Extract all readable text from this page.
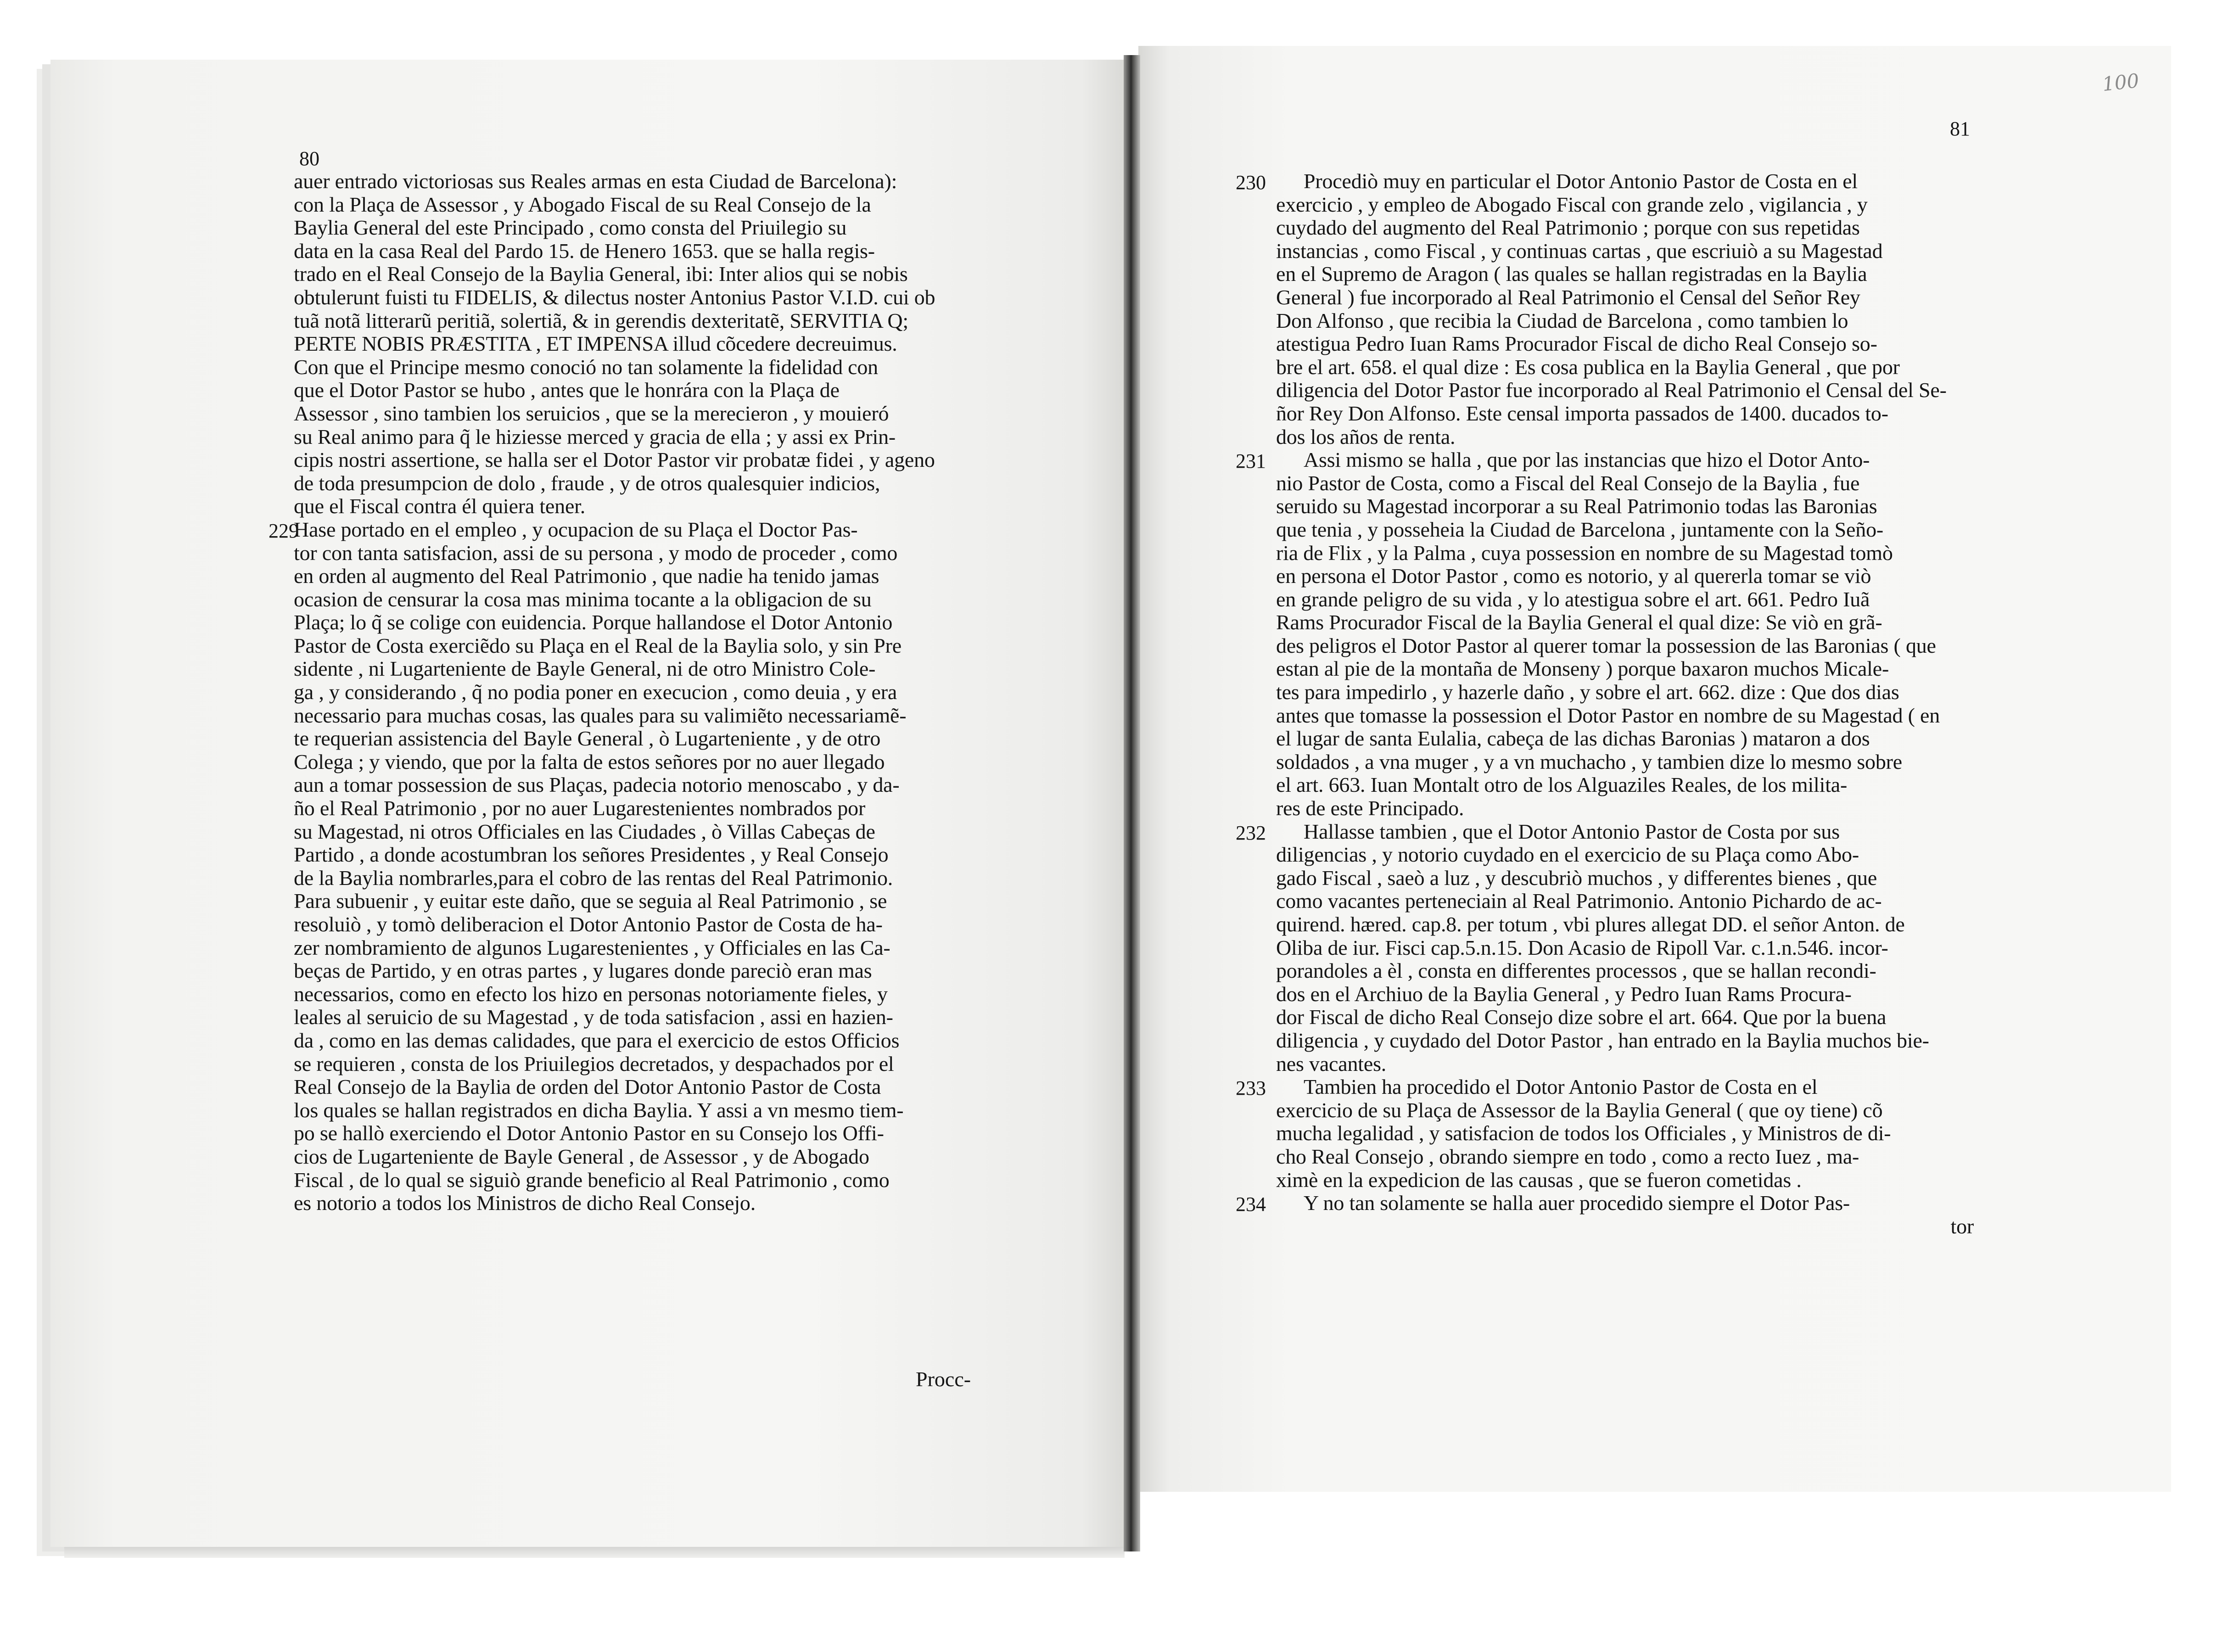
80
81
100
auer entrado victoriosas sus Reales armas en esta Ciudad de Barcelona):
con la Plaça de Assessor , y Abogado Fiscal de su Real Consejo de la
Baylia General del este Principado , como consta del Priuilegio su
data en la casa Real del Pardo 15. de Henero 1653. que se halla regis-
trado en el Real Consejo de la Baylia General, ibi: Inter alios qui se nobis
obtulerunt fuisti tu FIDELIS, & dilectus noster Antonius Pastor V.I.D. cui ob
tuã notã litterarũ peritiã, solertiã, & in gerendis dexteritatẽ, SERVITIA Q;
PERTE NOBIS PRÆSTITA , ET IMPENSA illud cõcedere decreuimus.
Con que el Principe mesmo conoció no tan solamente la fidelidad con
que el Dotor Pastor se hubo , antes que le honrára con la Plaça de
Assessor , sino tambien los seruicios , que se la merecieron , y mouieró
su Real animo para q̃ le hiziesse merced y gracia de ella ; y assi ex Prin-
cipis nostri assertione, se halla ser el Dotor Pastor vir probatæ fidei , y ageno
de toda presumpcion de dolo , fraude , y de otros qualesquier indicios,
que el Fiscal contra él quiera tener.
Hase portado en el empleo , y ocupacion de su Plaça el Doctor Pas-
tor con tanta satisfacion, assi de su persona , y modo de proceder , como
en orden al augmento del Real Patrimonio , que nadie ha tenido jamas
ocasion de censurar la cosa mas minima tocante a la obligacion de su
Plaça; lo q̃ se colige con euidencia. Porque hallandose el Dotor Antonio
Pastor de Costa exerciẽdo su Plaça en el Real de la Baylia solo, y sin Pre
sidente , ni Lugarteniente de Bayle General, ni de otro Ministro Cole-
ga , y considerando , q̃ no podia poner en execucion , como deuia , y era
necessario para muchas cosas, las quales para su valimiẽto necessariamẽ-
te requerian assistencia del Bayle General , ò Lugarteniente , y de otro
Colega ; y viendo, que por la falta de estos señores por no auer llegado
aun a tomar possession de sus Plaças, padecia notorio menoscabo , y da-
ño el Real Patrimonio , por no auer Lugarestenientes nombrados por
su Magestad, ni otros Officiales en las Ciudades , ò Villas Cabeças de
Partido , a donde acostumbran los señores Presidentes , y Real Consejo
de la Baylia nombrarles,para el cobro de las rentas del Real Patrimonio.
Para subuenir , y euitar este daño, que se seguia al Real Patrimonio , se
resoluiò , y tomò deliberacion el Dotor Antonio Pastor de Costa de ha-
zer nombramiento de algunos Lugarestenientes , y Officiales en las Ca-
beças de Partido, y en otras partes , y lugares donde pareciò eran mas
necessarios, como en efecto los hizo en personas notoriamente fieles, y
leales al seruicio de su Magestad , y de toda satisfacion , assi en hazien-
da , como en las demas calidades, que para el exercicio de estos Officios
se requieren , consta de los Priuilegios decretados, y despachados por el
Real Consejo de la Baylia de orden del Dotor Antonio Pastor de Costa
los quales se hallan registrados en dicha Baylia. Y assi a vn mesmo tiem-
po se hallò exerciendo el Dotor Antonio Pastor en su Consejo los Offi-
cios de Lugarteniente de Bayle General , de Assessor , y de Abogado
Fiscal , de lo qual se siguiò grande beneficio al Real Patrimonio , como
es notorio a todos los Ministros de dicho Real Consejo.
229
Procc-
Procediò muy en particular el Dotor Antonio Pastor de Costa en el
exercicio , y empleo de Abogado Fiscal con grande zelo , vigilancia , y
cuydado del augmento del Real Patrimonio ; porque con sus repetidas
instancias , como Fiscal , y continuas cartas , que escriuiò a su Magestad
en el Supremo de Aragon ( las quales se hallan registradas en la Baylia
General ) fue incorporado al Real Patrimonio el Censal del Señor Rey
Don Alfonso , que recibia la Ciudad de Barcelona , como tambien lo
atestigua Pedro Iuan Rams Procurador Fiscal de dicho Real Consejo so-
bre el art. 658. el qual dize : Es cosa publica en la Baylia General , que por
diligencia del Dotor Pastor fue incorporado al Real Patrimonio el Censal del Se-
ñor Rey Don Alfonso. Este censal importa passados de 1400. ducados to-
dos los años de renta.
Assi mismo se halla , que por las instancias que hizo el Dotor Anto-
nio Pastor de Costa, como a Fiscal del Real Consejo de la Baylia , fue
seruido su Magestad incorporar a su Real Patrimonio todas las Baronias
que tenia , y posseheia la Ciudad de Barcelona , juntamente con la Seño-
ria de Flix , y la Palma , cuya possession en nombre de su Magestad tomò
en persona el Dotor Pastor , como es notorio, y al quererla tomar se viò
en grande peligro de su vida , y lo atestigua sobre el art. 661. Pedro Iuã
Rams Procurador Fiscal de la Baylia General el qual dize: Se viò en grã-
des peligros el Dotor Pastor al querer tomar la possession de las Baronias ( que
estan al pie de la montaña de Monseny ) porque baxaron muchos Micale-
tes para impedirlo , y hazerle daño , y sobre el art. 662. dize : Que dos dias
antes que tomasse la possession el Dotor Pastor en nombre de su Magestad ( en
el lugar de santa Eulalia, cabeça de las dichas Baronias ) mataron a dos
soldados , a vna muger , y a vn muchacho , y tambien dize lo mesmo sobre
el art. 663. Iuan Montalt otro de los Alguaziles Reales, de los milita-
res de este Principado.
Hallasse tambien , que el Dotor Antonio Pastor de Costa por sus
diligencias , y notorio cuydado en el exercicio de su Plaça como Abo-
gado Fiscal , saeò a luz , y descubriò muchos , y differentes bienes , que
como vacantes perteneciain al Real Patrimonio. Antonio Pichardo de ac-
quirend. hæred. cap.8. per totum , vbi plures allegat DD. el señor Anton. de
Oliba de iur. Fisci cap.5.n.15. Don Acasio de Ripoll Var. c.1.n.546. incor-
porandoles a èl , consta en differentes processos , que se hallan recondi-
dos en el Archiuo de la Baylia General , y Pedro Iuan Rams Procura-
dor Fiscal de dicho Real Consejo dize sobre el art. 664. Que por la buena
diligencia , y cuydado del Dotor Pastor , han entrado en la Baylia muchos bie-
nes vacantes.
Tambien ha procedido el Dotor Antonio Pastor de Costa en el
exercicio de su Plaça de Assessor de la Baylia General ( que oy tiene) cõ
mucha legalidad , y satisfacion de todos los Officiales , y Ministros de di-
cho Real Consejo , obrando siempre en todo , como a recto Iuez , ma-
ximè en la expedicion de las causas , que se fueron cometidas .
Y no tan solamente se halla auer procedido siempre el Dotor Pas-
tor
230
231
232
233
234
